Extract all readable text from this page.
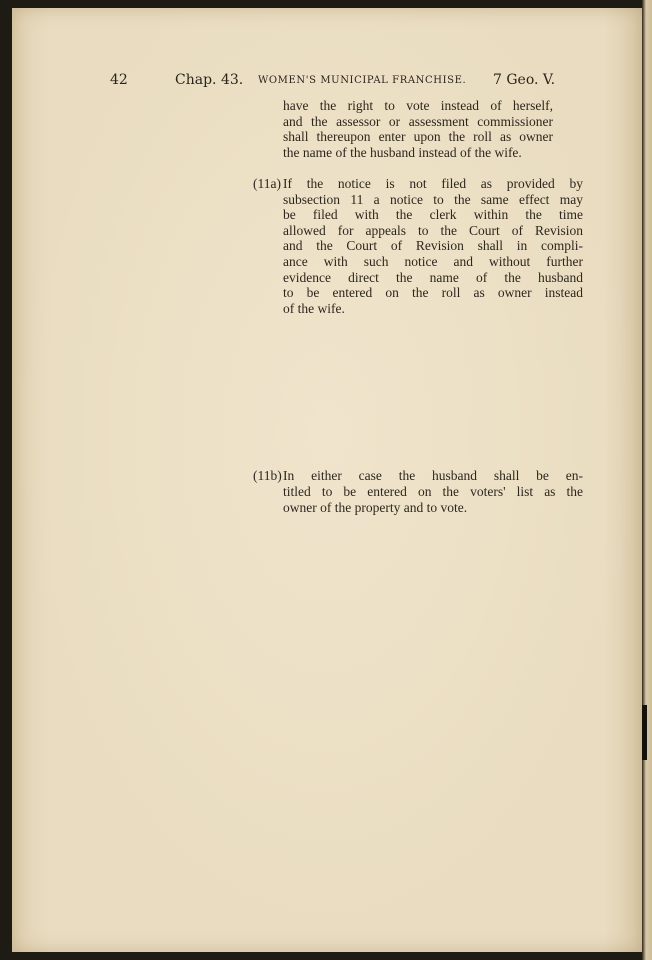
42	Chap. 43. WOMEN'S MUNICIPAL FRANCHISE. 7 Geo. V.
have the right to vote instead of herself,
and the assessor or assessment commissioner
shall thereupon enter upon the roll as owner
the name of the husband instead of the wife.
(11a) If the notice is not filed as provided by
subsection 11 a notice to the same effect may
be filed with the clerk within the time
allowed for appeals to the Court of Revision
and the Court of Revision shall in compli-
ance with such notice and without further
evidence direct the name of the husband
to be entered on the roll as owner instead
of the wife.
(11b) In either case the husband shall be en-
titled to be entered on the voters' list as the
owner of the property and to vote.
